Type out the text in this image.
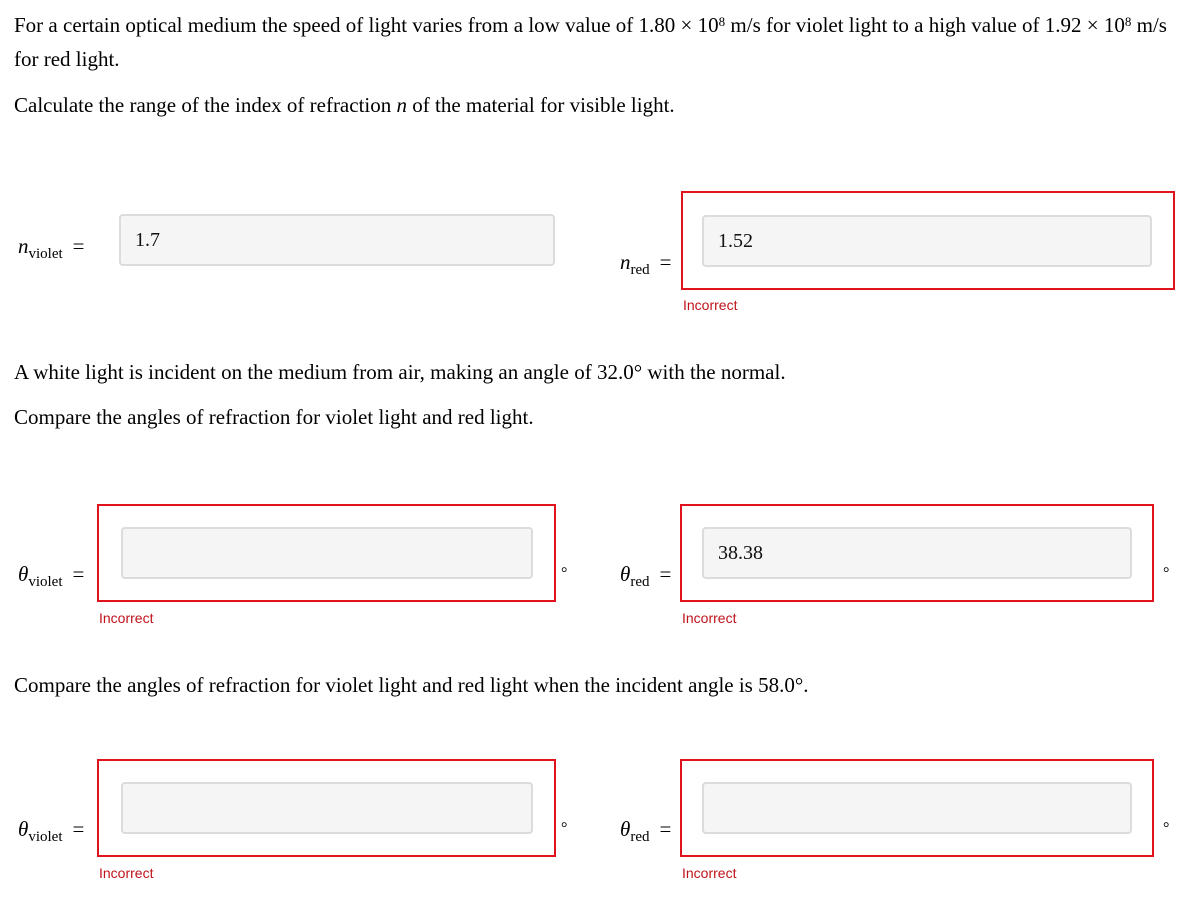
For a certain optical medium the speed of light varies from a low value of $1.80 \times 10^8$ m/s for violet light to a high value of $1.92 \times 10^8$ m/s for red light.

Calculate the range of the index of refraction n of the material for visible light.

$n_{violet}$ =
1.7
$n_{red}$ =
1.52
Incorrect

A white light is incident on the medium from air, making an angle of 32.0° with the normal.

Compare the angles of refraction for violet light and red light.

$\theta_{violet}$ =	°
Incorrect
$\theta_{red}$ =
38.38	°
Incorrect

Compare the angles of refraction for violet light and red light when the incident angle is 58.0°.

$\theta_{violet}$ =	°
Incorrect
$\theta_{red}$ =	°
Incorrect
